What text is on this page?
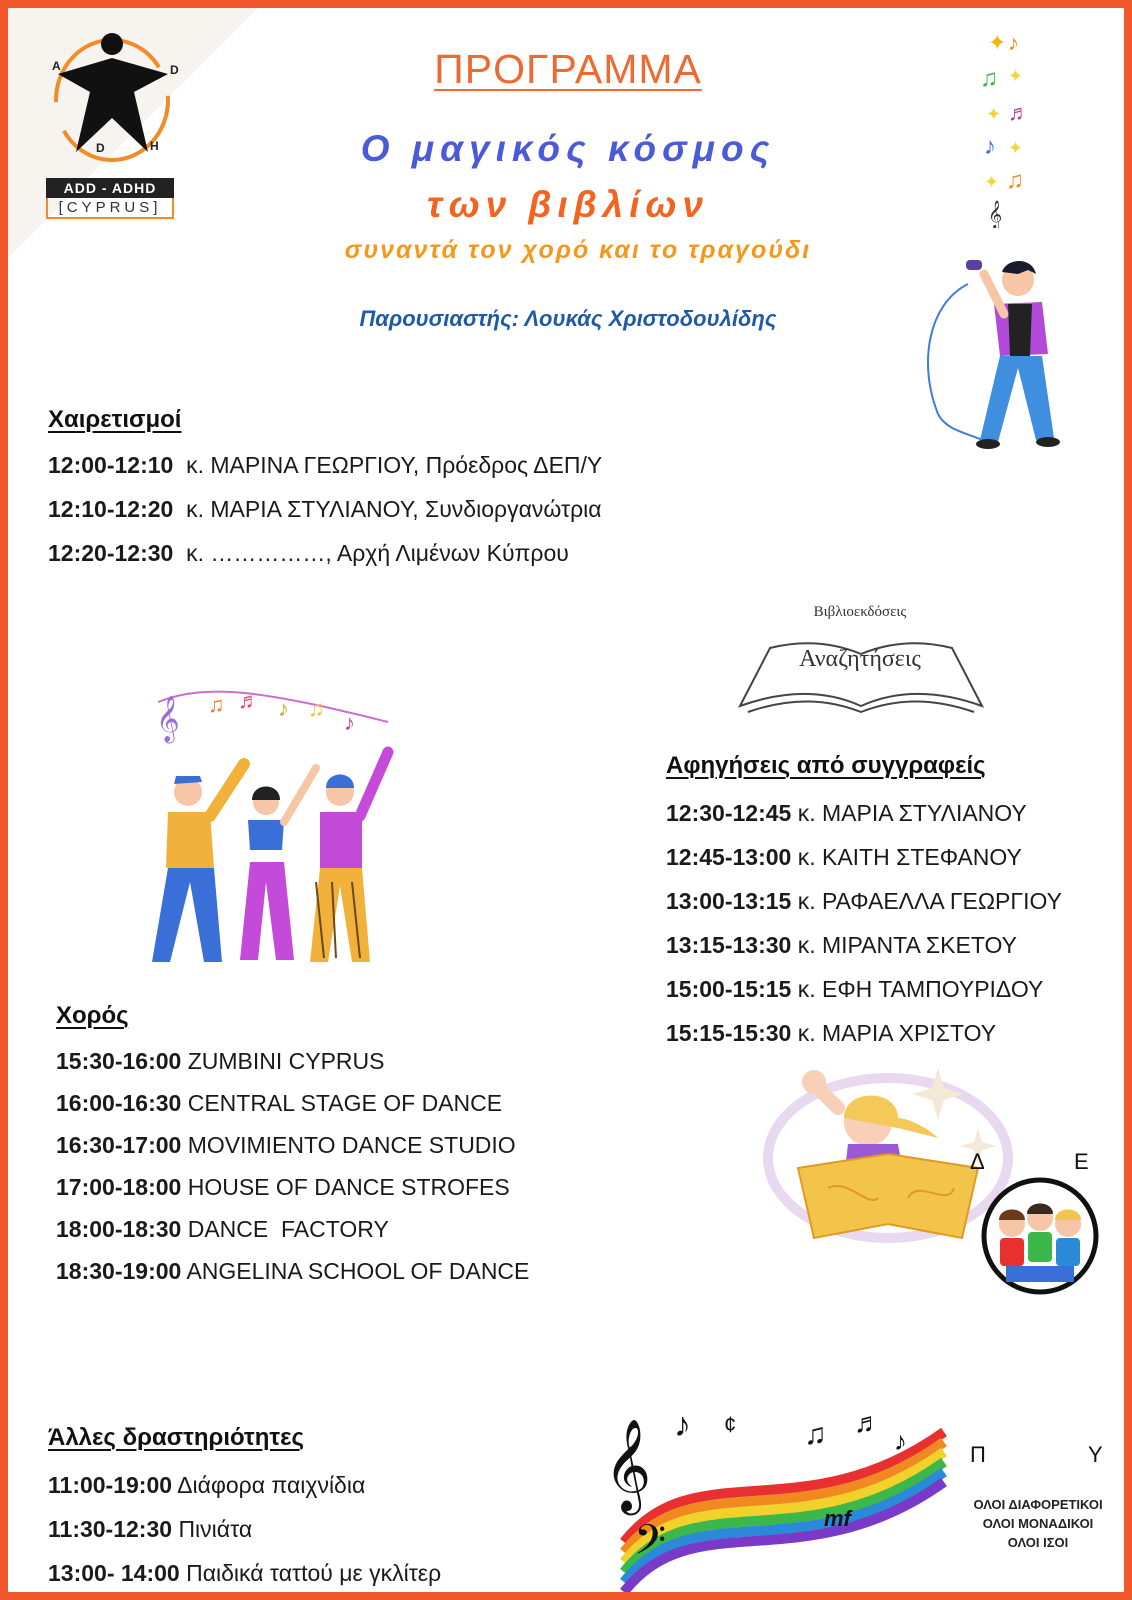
A	D
D	H
ADD - ADHD
[CYPRUS]
ΠΡΟΓΡΑΜΜΑ
Ο μαγικός κόσμος
των βιβλίων
συναντά τον χορό και το τραγούδι
Παρουσιαστής: Λουκάς Χριστοδουλίδης
✦ ♪
♫ ✦
✦ ♬
♪ ✦
♫
✦
𝄞
Χαιρετισμοί
12:00-12:10 κ. ΜΑΡΙΝΑ ΓΕΩΡΓΙΟΥ, Πρόεδρος ΔΕΠ/Υ
12:10-12:20 κ. ΜΑΡΙΑ ΣΤΥΛΙΑΝΟΥ, Συνδιοργανώτρια
12:20-12:30 κ. ……………, Αρχή Λιμένων Κύπρου
Βιβλιοεκδόσεις
Αναζητήσεις
𝄞 ♫ ♬ ♪ ♫
♪
Αφηγήσεις από συγγραφείς
12:30-12:45 κ. ΜΑΡΙΑ ΣΤΥΛΙΑΝΟΥ
12:45-13:00 κ. ΚΑΙΤΗ ΣΤΕΦΑΝΟΥ
13:00-13:15 κ. ΡΑΦΑΕΛΛΑ ΓΕΩΡΓΙΟΥ
13:15-13:30 κ. ΜΙΡΑΝΤΑ ΣΚΕΤΟΥ
15:00-15:15 κ. ΕΦΗ ΤΑΜΠΟΥΡΙΔΟΥ
15:15-15:30 κ. ΜΑΡΙΑ ΧΡΙΣΤΟΥ
Χορός
15:30-16:00 ZUMBINI CYPRUS
16:00-16:30 CENTRAL STAGE OF DANCE
16:30-17:00 MOVIMIENTO DANCE STUDIO
17:00-18:00 HOUSE OF DANCE STROFES
18:00-18:30 DANCE  FACTORY
18:30-19:00 ANGELINA SCHOOL OF DANCE
Άλλες δραστηριότητες
11:00-19:00 Διάφορα παιχνίδια
11:30-12:30 Πινιάτα
13:00- 14:00 Παιδικά τατtoύ με γκλίτερ
𝄞
𝄢
♪ ¢ ♫ ♬
♪
mf
Δ	Ε
Π	Υ
ΟΛΟΙ ΔΙΑΦΟΡΕΤΙΚΟΙ
ΟΛΟΙ ΜΟΝΑΔΙΚΟΙ
ΟΛΟΙ ΙΣΟΙ
